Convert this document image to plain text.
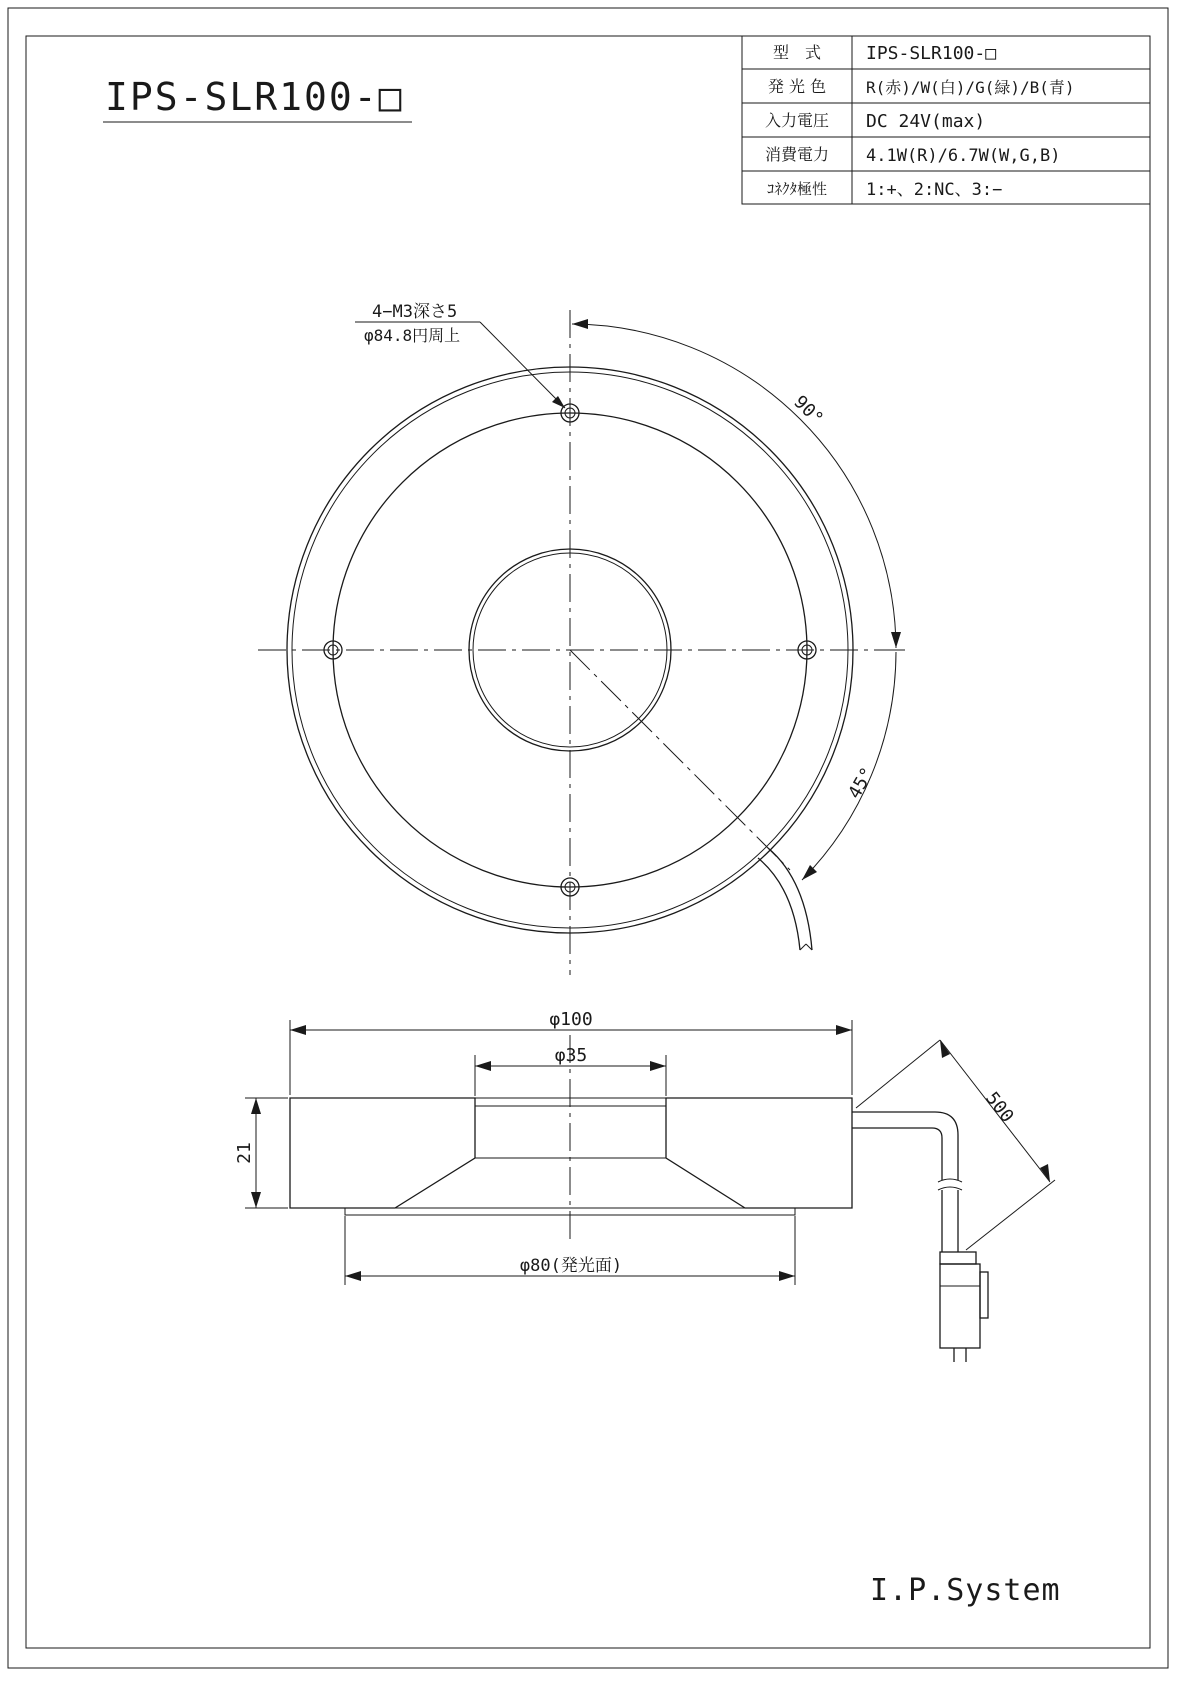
IPS-SLR100-□
型　式 IPS-SLR100-□
発 光 色 R(赤)/W(白)/G(緑)/B(青)
入力電圧 DC 24V(max)
消費電力 4.1W(R)/6.7W(W,G,B)
ｺﾈｸﾀ極性 1:+、2:NC、3:−
4−M3深さ5
φ84.8円周上
90°
45°
φ100
φ35
21
φ80(発光面)
500
I.P.System
